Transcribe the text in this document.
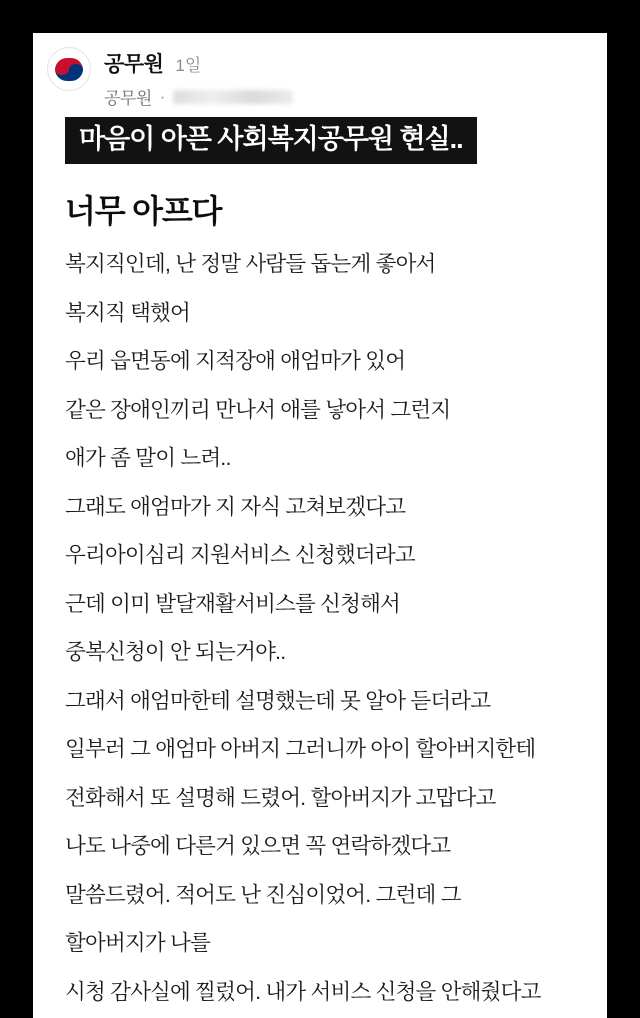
공무원 1일
공무원 ·
마음이 아픈 사회복지공무원 현실..
너무 아프다
복지직인데, 난 정말 사람들 돕는게 좋아서
복지직 택했어
우리 읍면동에 지적장애 애엄마가 있어
같은 장애인끼리 만나서 애를 낳아서 그런지
애가 좀 말이 느려..
그래도 애엄마가 지 자식 고쳐보겠다고
우리아이심리 지원서비스 신청했더라고
근데 이미 발달재활서비스를 신청해서
중복신청이 안 되는거야..
그래서 애엄마한테 설명했는데 못 알아 듣더라고
일부러 그 애엄마 아버지 그러니까 아이 할아버지한테
전화해서 또 설명해 드렸어. 할아버지가 고맙다고
나도 나중에 다른거 있으면 꼭 연락하겠다고
말씀드렸어. 적어도 난 진심이었어. 그런데 그
할아버지가 나를
시청 감사실에 찔렀어. 내가 서비스 신청을 안해줬다고
